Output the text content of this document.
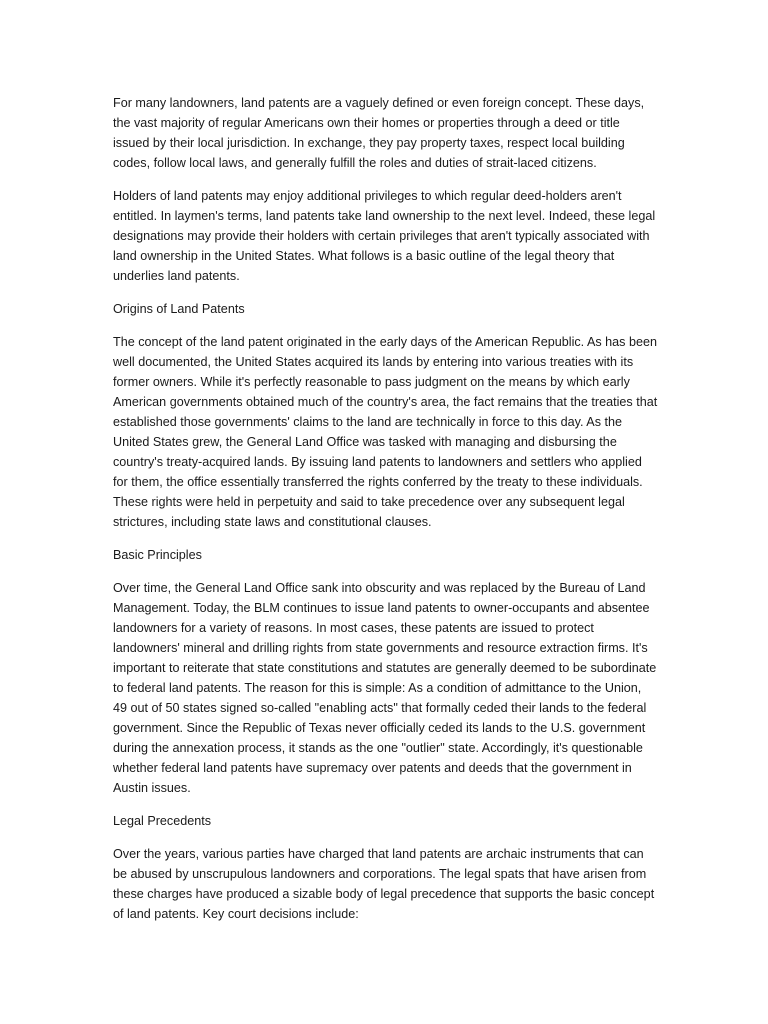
For many landowners, land patents are a vaguely defined or even foreign concept. These days, the vast majority of regular Americans own their homes or properties through a deed or title issued by their local jurisdiction. In exchange, they pay property taxes, respect local building codes, follow local laws, and generally fulfill the roles and duties of strait-laced citizens.

Holders of land patents may enjoy additional privileges to which regular deed-holders aren't entitled. In laymen's terms, land patents take land ownership to the next level. Indeed, these legal designations may provide their holders with certain privileges that aren't typically associated with land ownership in the United States. What follows is a basic outline of the legal theory that underlies land patents.

Origins of Land Patents

The concept of the land patent originated in the early days of the American Republic. As has been well documented, the United States acquired its lands by entering into various treaties with its former owners. While it's perfectly reasonable to pass judgment on the means by which early American governments obtained much of the country's area, the fact remains that the treaties that established those governments' claims to the land are technically in force to this day. As the United States grew, the General Land Office was tasked with managing and disbursing the country's treaty-acquired lands. By issuing land patents to landowners and settlers who applied for them, the office essentially transferred the rights conferred by the treaty to these individuals. These rights were held in perpetuity and said to take precedence over any subsequent legal strictures, including state laws and constitutional clauses.

Basic Principles

Over time, the General Land Office sank into obscurity and was replaced by the Bureau of Land Management. Today, the BLM continues to issue land patents to owner-occupants and absentee landowners for a variety of reasons. In most cases, these patents are issued to protect landowners' mineral and drilling rights from state governments and resource extraction firms. It's important to reiterate that state constitutions and statutes are generally deemed to be subordinate to federal land patents. The reason for this is simple: As a condition of admittance to the Union, 49 out of 50 states signed so-called "enabling acts" that formally ceded their lands to the federal government. Since the Republic of Texas never officially ceded its lands to the U.S. government during the annexation process, it stands as the one "outlier" state. Accordingly, it's questionable whether federal land patents have supremacy over patents and deeds that the government in Austin issues.

Legal Precedents

Over the years, various parties have charged that land patents are archaic instruments that can be abused by unscrupulous landowners and corporations. The legal spats that have arisen from these charges have produced a sizable body of legal precedence that supports the basic concept of land patents. Key court decisions include:
